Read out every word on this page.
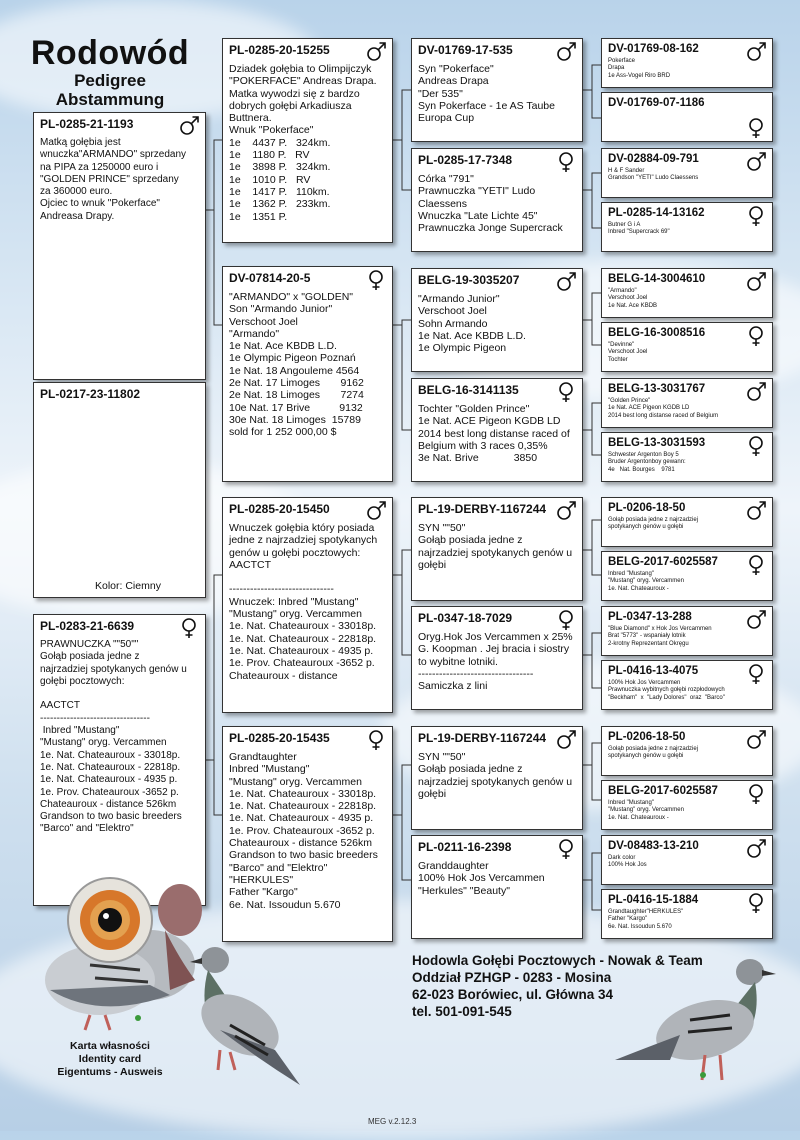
Rodowód
Pedigree
Abstammung
PL-0285-21-1193
Matką gołębia jest
wnuczka"ARMANDO" sprzedany
na PIPA za 1250000 euro i
"GOLDEN PRINCE" sprzedany
za 360000 euro.
Ojciec to wnuk "Pokerface"
Andreasa Drapy.
PL-0217-23-11802
Kolor: Ciemny
PL-0283-21-6639
PRAWNUCZKA ""50""
Gołąb posiada jedne z
najrzadziej spotykanych genów u
gołębi pocztowych:

AACTCT
---------------------------------
Inbred "Mustang"
"Mustang" oryg. Vercammen
1e. Nat. Chateauroux - 33018p.
1e. Nat. Chateauroux - 22818p.
1e. Nat. Chateauroux - 4935 p.
1e. Prov. Chateauroux -3652 p.
Chateauroux - distance 526km
Grandson to two basic breeders
"Barco" and "Elektro"
PL-0285-20-15255
Dziadek gołębia to Olimpijczyk
"POKERFACE" Andreas Drapa.
Matka wywodzi się z bardzo
dobrych gołębi Arkadiusza
Buttnera.
Wnuk "Pokerface"
1e    4437 P.   324km.
1e    1180 P.   RV
1e    3898 P.   324km.
1e    1010 P.   RV
1e    1417 P.   110km.
1e    1362 P.   233km.
1e    1351 P.
DV-07814-20-5
"ARMANDO" x "GOLDEN"
Son "Armando Junior"
Verschoot Joel
"Armando"
1e Nat. Ace KBDB L.D.
1e Olympic Pigeon Poznań
1e Nat. 18 Angouleme 4564
2e Nat. 17 Limoges       9162
2e Nat. 18 Limoges       7274
10e Nat. 17 Brive          9132
30e Nat. 18 Limoges  15789
sold for 1 252 000,00 $
PL-0285-20-15450
Wnuczek gołębia który posiada
jedne z najrzadziej spotykanych
genów u gołębi pocztowych:
AACTCT

------------------------------
Wnuczek: Inbred "Mustang"
"Mustang" oryg. Vercammen
1e. Nat. Chateauroux - 33018p.
1e. Nat. Chateauroux - 22818p.
1e. Nat. Chateauroux - 4935 p.
1e. Prov. Chateauroux -3652 p.
Chateauroux - distance
PL-0285-20-15435
Grandtaughter
Inbred "Mustang"
"Mustang" oryg. Vercammen
1e. Nat. Chateauroux - 33018p.
1e. Nat. Chateauroux - 22818p.
1e. Nat. Chateauroux - 4935 p.
1e. Prov. Chateauroux -3652 p.
Chateauroux - distance 526km
Grandson to two basic breeders
"Barco" and "Elektro"
"HERKULES"
Father "Kargo"
6e. Nat. Issoudun 5.670
DV-01769-17-535
Syn "Pokerface"
Andreas Drapa
"Der 535"
Syn Pokerface - 1e AS Taube
Europa Cup
PL-0285-17-7348
Córka "791"
Prawnuczka "YETI" Ludo
Claessens
Wnuczka "Late Lichte 45"
Prawnuczka Jonge Supercrack
BELG-19-3035207
"Armando Junior"
Verschoot Joel
Sohn Armando
1e Nat. Ace KBDB L.D.
1e Olympic Pigeon
BELG-16-3141135
Tochter "Golden Prince"
1e Nat. ACE Pigeon KGDB LD
2014 best long distanse raced of
Belgium with 3 races 0,35%
3e Nat. Brive            3850
PL-19-DERBY-1167244
SYN ""50"
Gołąb posiada jedne z
najrzadziej spotykanych genów u
gołębi
PL-0347-18-7029
Oryg.Hok Jos Vercammen x 25%
G. Koopman . Jej bracia i siostry
to wybitne lotniki.
---------------------------------
Samiczka z lini
PL-19-DERBY-1167244
SYN ""50"
Gołąb posiada jedne z
najrzadziej spotykanych genów u
gołębi
PL-0211-16-2398
Granddaughter
100% Hok Jos Vercammen
"Herkules" "Beauty"
DV-01769-08-162
Pokerface
Drapa
1e Ass-Vogel Riro BRD
DV-01769-07-1186
DV-02884-09-791
H & F Sander
Grandson "YETI" Ludo Claessens
PL-0285-14-13162
Butner G i A
Inbred "Supercrack 69"
BELG-14-3004610
"Armando"
Verschoot Joel
1e Nat. Ace KBDB
BELG-16-3008516
"Devinne"
Verschoot Joel
Tochter
BELG-13-3031767
"Golden Prince"
1e Nat. ACE Pigeon KGDB LD
2014 best long distanse raced of Belgium
BELG-13-3031593
Schwester Argenton Boy 5
Bruder Argentonboy gewann:
4e   Nat. Bourges    9781
PL-0206-18-50
Gołąb posiada jedne z najrzadziej
spotykanych genów u gołębi
BELG-2017-6025587
Inbred "Mustang"
"Mustang" oryg. Vercammen
1e. Nat. Chateauroux -
PL-0347-13-288
"Blue Diamond" x Hok Jos Vercammen
Brat "5773" - wspaniały lotnik
2-krotny Reprezentant Okręgu
PL-0416-13-4075
100% Hok Jos Vercammen
Prawnuczka wybitnych gołębi rozpłodowych
"Beckham"  x  "Lady Dolores"  oraz  "Barco"
PL-0206-18-50
Gołąb posiada jedne z najrzadziej
spotykanych genów u gołębi
BELG-2017-6025587
Inbred "Mustang"
"Mustang" oryg. Vercammen
1e. Nat. Chateauroux -
DV-08483-13-210
Dark color
100% Hok Jos
PL-0416-15-1884
Grandtaughter"HERKULES"
Father "Kargo"
6e. Nat. Issoudun 5.670
Hodowla Gołębi Pocztowych - Nowak & Team
Oddział PZHGP - 0283 - Mosina
62-023 Borówiec, ul. Główna 34
tel. 501-091-545
Karta własności
Identity card
Eigentums - Ausweis
MEG v.2.12.3
